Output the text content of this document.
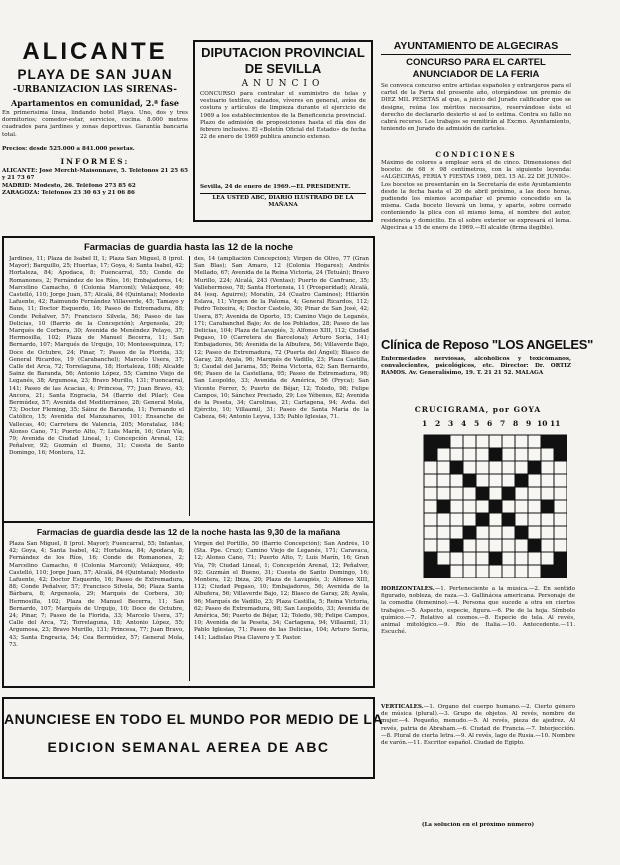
ALICANTE
PLAYA DE SAN JUAN
-URBANIZACION LAS SIRENAS-
Apartamentos en comunidad, 2.ª fase
En primerísima línea, lindando hotel Playa. Uno, dos y tres dormitorios; comedor-estar, servicios, cocina. 8.000 metros cuadrados para jardines y zonas deportivas. Garantía bancaria total.
Precios: desde 525.000 a 841.000 pesetas.
INFORMES:
ALICANTE: José Mercht-Maisonnave, 5. Teléfonos 21 25 65 y 21 73 67
MADRID: Modesto, 26. Teléfono 273 85 62
ZARAGOZA: Teléfonos 23 30 63 y 21 06 86
DIPUTACION PROVINCIAL
DE SEVILLA
ANUNCIO
CONCURSO para contratar el suministro de telas y vestuario textiles, calzados, víveres en general, avíos de costura y artículos de limpieza durante el ejercicio de 1969 a los establecimientos de la Beneficencia provincial. Plazo de admisión de proposiciones hasta el día dos de febrero inclusive. El «Boletín Oficial del Estado» de fecha 22 de enero de 1969 publica anuncio extenso.
Sevilla, 24 de enero de 1969.—EL PRESIDENTE.
LEA USTED ABC, DIARIO ILUSTRADO DE LA MAÑANA
AYUNTAMIENTO DE ALGECIRAS
CONCURSO PARA EL CARTEL
ANUNCIADOR DE LA FERIA
Se convoca concurso entre artistas españoles y extranjeros para el cartel de la Feria del presente año, otorgándose un premio de DIEZ MIL PESETAS al que, a juicio del Jurado calificador que se designe, reúna los méritos necesarios, reservándose éste el derecho de declararlo desierto si así lo estima. Contra su fallo no cabrá recurso. Los trabajos se remitirán al Excmo. Ayuntamiento, teniendo en Jurado de admisión de carteles.
CONDICIONES
Máximo de colores a emplear será el de cinco. Dimensiones del boceto: de 68 × 98 centímetros, con la siguiente leyenda: «ALGECIRAS, FERIA Y FIESTAS 1969, DEL 15 AL 22 DE JUNIO». Los bocetos se presentarán en la Secretaría de este Ayuntamiento desde la fecha hasta el 20 de abril próximo, a las doce horas, pudiendo los mismos acompañar el premio concedido en la misma. Cada boceto llevará un lema, y aparte, sobre cerrado conteniendo la plica con el mismo lema, el nombre del autor, residencia y domicilio. En el sobre exterior se expresará el lema. Algeciras a 15 de enero de 1969.—El alcalde (firma ilegible).
Clínica de Reposo "LOS ANGELES"
Enfermedades nerviosas, alcohólicos y toxicómanos, convalecientes, psicológicos, etc. Director: Dr. ORTIZ RAMOS. Av. Generalísimo, 19. T. 21 21 52. MALAGA
Farmacias de guardia hasta las 12 de la noche
Jardines, 11; Plaza de Isabel II, 1; Plaza San Miguel, 8 (prol. Mayor); Barquillo, 25; Huertas, 17; Goya, 4; Santa Isabel, 42; Hortaleza, 84; Apodaca, 8; Fuencarral, 55; Conde de Romanones, 2; Fernández de los Ríos, 16; Embajadores, 14; Marcelino Camacho, 6 (Colonia Marconi); Velázquez, 49; Castelló, 110; Jorge Juan, 57; Alcalá, 84 (Quintana); Modesto Lafuente, 42; Raimundo Fernández Villaverde, 45; Tamayo y Baus, 11; Doctor Esquerdo, 16; Paseo de Extremadura, 88; Conde Peñalver, 57; Francisco Silvela, 56; Paseo de las Delicias, 10 (Barrio de la Concepción); Argensola, 29; Marqués de Corbera, 30; Avenida de Menéndez Pelayo, 37; Hermosilla, 102; Plaza de Manuel Becerra, 11; San Bernardo, 107; Marqués de Urquijo, 10; Monteesquinza, 17; Doce de Octubre, 24; Pinar, 7; Paseo de la Florida, 33; General Ricardos, 19 (Carabanchel); Marcelo Usera, 37; Calle del Arca, 72; Torrelaguna, 18; Hortaleza, 108; Alcalde Sainz de Baranda, 56; Antonio López, 55; Camino Viejo de Leganés, 38; Argumosa, 23; Bravo Murillo, 131; Fuencarral, 141; Paseo de las Acacias, 4; Princesa, 77; Juan Bravo, 43; Ancora, 21; Santa Engracia, 54 (Barrio del Pilar); Cea Bermúdez, 57; Avenida del Mediterráneo, 28; General Mola, 73; Doctor Fleming, 35; Sáinz de Baranda, 11; Fernando el Católico, 15; Avenida del Manzanares, 101; Ensanche de Vallecas, 40; Carretera de Valencia, 205; Moratalaz, 184; Alonso Cano, 71; Puerto Alto, 7; Luis Marín, 16; Gran Vía, 79; Avenida de Ciudad Lineal, 1; Concepción Arenal, 12; Peñalver, 92; Guzmán el Bueno, 31; Cuesta de Santo Domingo, 16; Montera, 12.
des, 14 (ampliación Concepción); Virgen de Olivo, 77 (Gran San Blas); San Amaro, 12 (Colonia Hogares); Andrés Mellado, 67; Avenida de la Reina Victoria, 24 (Tetuán); Bravo Murillo, 224; Alcalá, 243 (Ventas); Puerto de Canfranc, 35; Vallehermoso, 78; Santa Hortensia, 11 (Prosperidad); Alcalá, 84 (esq. Aguirre); Moratín, 24 (Cuatro Caminos); Hilarión Eslava, 11; Virgen de la Paloma, 4; General Ricardos, 112; Pedro Teixeira, 4; Doctor Castelo, 30; Pinar de San José, 42; Usera, 87; Avenida de Oporto, 15; Camino Viejo de Leganés, 171; Carabanchel Bajo; Av. de los Poblados, 28; Paseo de las Delicias, 104; Plaza de Lavapiés, 3; Alfonso XIII, 112; Ciudad Pegaso, 10 (Carretera de Barcelona); Arturo Soria, 141; Embajadores, 56; Avenida de la Albufera, 56; Villaverde Bajo, 12; Paseo de Extremadura, 72 (Puerta del Ángel); Blasco de Garay, 28; Ayala, 96; Marqués de Vadillo, 23; Plaza Castilla, 5; Caudal del Jarama, 55; Reina Victoria, 62; San Bernardo, 66; Paseo de la Castellana, 95; Paseo de Extremadura, 98; San Leopoldo, 33; Avenida de América, 56 (Pryca); San Vicente Ferrer, 5; Puerto de Béjar, 12; Toledo, 98; Felipe Campos, 10; Sánchez Preciado, 29; Los Yébenes, 82; Avenida de la Peseta, 34; Carolinas, 21; Cartagena, 94; Avda. del Ejército, 10; Villaamil, 31; Paseo de Santa María de la Cabeza, 64; Antonio Leyva, 135; Pablo Iglesias, 71.
Farmacias de guardia desde las 12 de la noche hasta las 9,30 de la mañana
Plaza San Miguel, 8 (prol. Mayor); Fuencarral, 55; Infantas, 42; Goya, 4; Santa Isabel, 42; Hortaleza, 84; Apodaca, 8; Fernández de los Ríos, 16; Conde de Romanones, 2; Marcelino Camacho, 6 (Colonia Marconi); Velázquez, 49; Castelló, 110; Jorge Juan, 57; Alcalá, 84 (Quintana); Modesto Lafuente, 42; Doctor Esquerdo, 16; Paseo de Extremadura, 88; Conde Peñalver, 57; Francisco Silvela, 56; Plaza Santa Bárbara, 8; Argensola, 29; Marqués de Corbera, 30; Hermosilla, 102; Plaza de Manuel Becerra, 11; San Bernardo, 107; Marqués de Urquijo, 10; Doce de Octubre, 24; Pinar, 7; Paseo de la Florida, 33; Marcelo Usera, 37; Calle del Arca, 72; Torrelaguna, 18; Antonio López, 55; Argumosa, 23; Bravo Murillo, 131; Princesa, 77; Juan Bravo, 43; Santa Engracia, 54; Cea Bermúdez, 57; General Mola, 73.
Virgen del Portillo, 50 (Barrio Concepción); San Andrés, 10 (Sta. Ppe. Cruz); Camino Viejo de Leganés, 171; Caravaca, 12; Alonso Cano, 71; Puerto Alto, 7; Luis Marín, 16; Gran Vía, 79; Ciudad Lineal, 1; Concepción Arenal, 12; Peñalver, 92; Guzmán el Bueno, 31; Cuesta de Santo Domingo, 16; Montera, 12; Ibiza, 20; Plaza de Lavapiés, 3; Alfonso XIII, 112; Ciudad Pegaso, 10; Embajadores, 56; Avenida de la Albufera, 56; Villaverde Bajo, 12; Blasco de Garay, 28; Ayala, 96; Marqués de Vadillo, 23; Plaza Castilla, 5; Reina Victoria, 62; Paseo de Extremadura, 98; San Leopoldo, 33; Avenida de América, 56; Puerto de Béjar, 12; Toledo, 98; Felipe Campos, 10; Avenida de la Peseta, 34; Cartagena, 94; Villaamil, 31; Pablo Iglesias, 71; Paseo de las Delicias, 104; Arturo Soria, 141; Ladislao Pisa Clavero y T. Pastor.
CRUCIGRAMA, por GOYA
1 2 3 4 5 6 7 8 9 10 11
HORIZONTALES.—1. Perteneciente a la música.—2. En sentido figurado, nobleza, de raza.—3. Gallinácea americana. Personaje de la comedia (femenino).—4. Persona que sucede a otra en ciertos trabajos.—5. Aspecto, especie, figura.—6. Pie de la hoja. Símbolo químico.—7. Relativo al cosmos.—8. Especie de tela. Al revés, animal mitológico.—9. Río de Italia.—10. Antecedente.—11. Escuché.
VERTICALES.—1. Organo del cuerpo humano.—2. Cierto género de música (plural).—3. Grupo de objetos. Al revés, nombre de mujer.—4. Pequeño, menudo.—5. Al revés, pieza de ajedrez. Al revés, patria de Abraham.—6. Ciudad de Francia.—7. Interjección.—8. Plural de cierta letra.—9. Al revés, lago de Rusia.—10. Nombre de varón.—11. Escritor español. Ciudad de Egipto.
(La solución en el próximo número)
ANUNCIESE EN TODO EL MUNDO POR MEDIO DE LA
EDICION SEMANAL AEREA DE ABC
